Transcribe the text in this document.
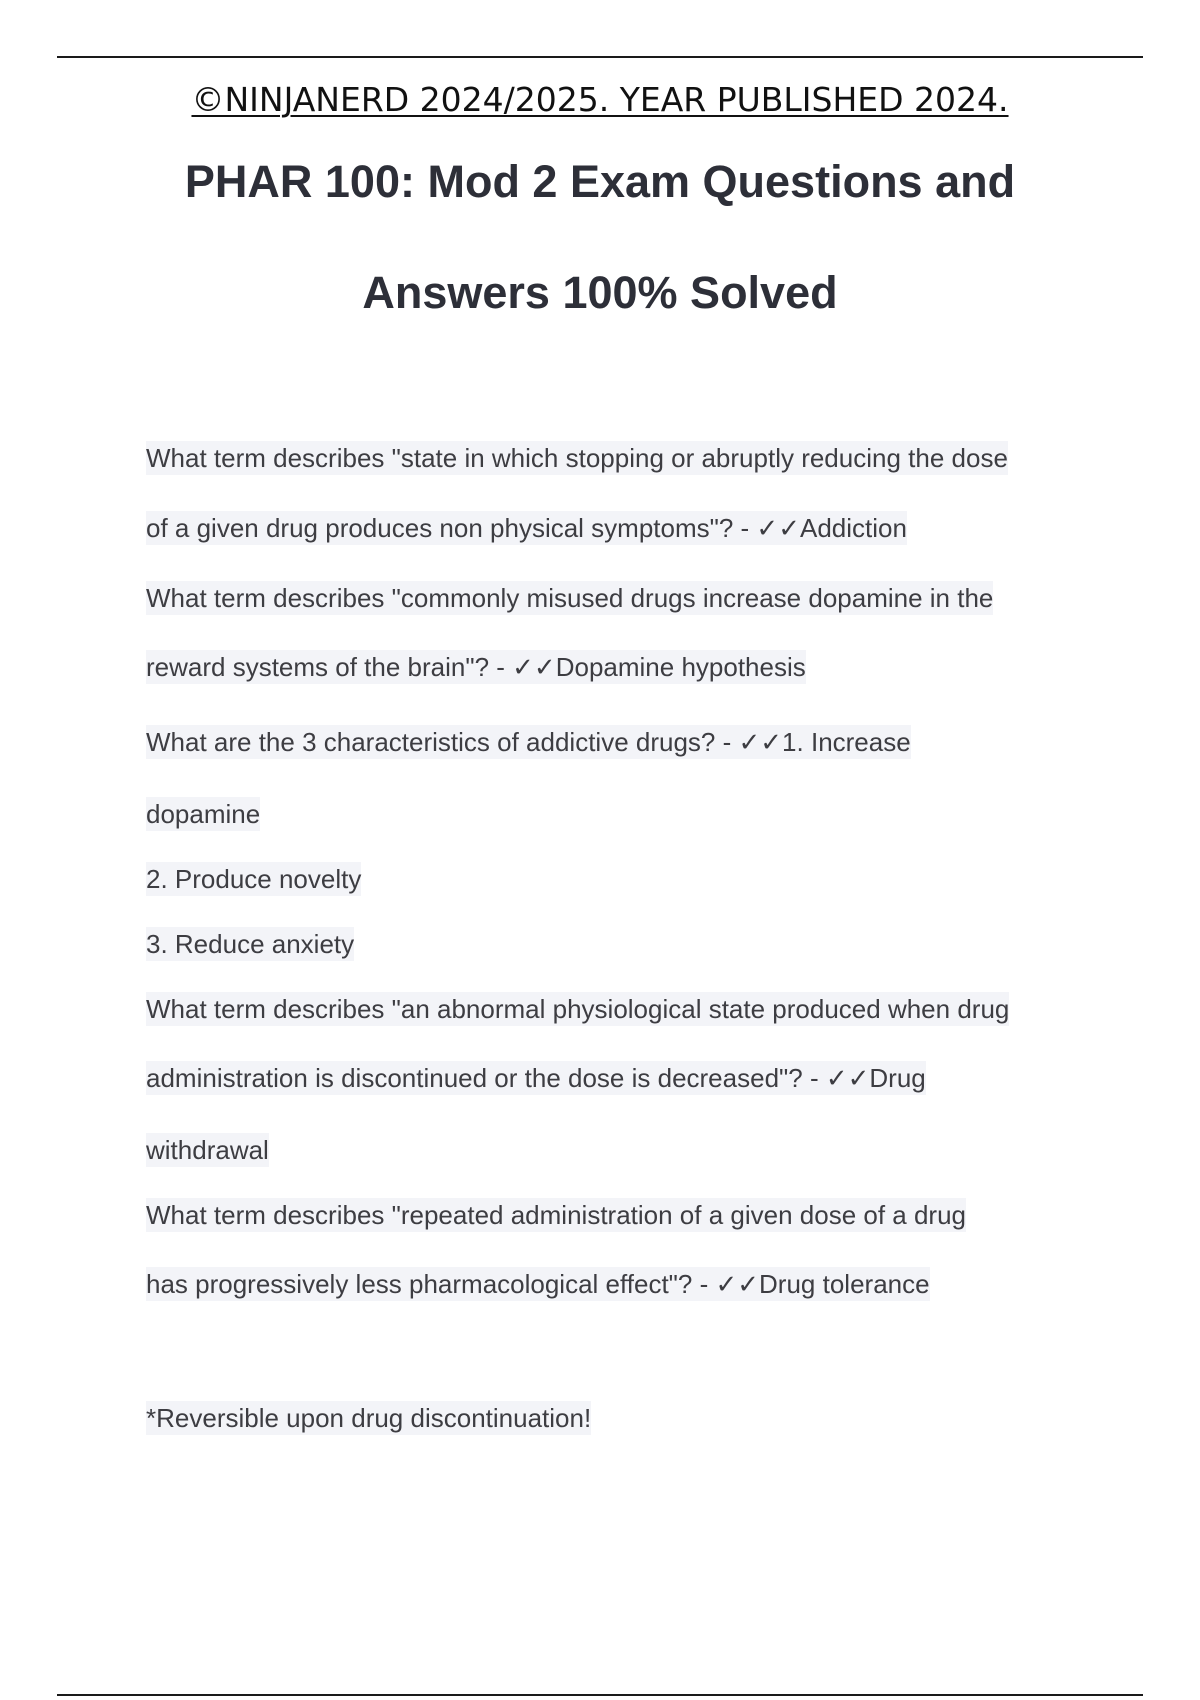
©NINJANERD 2024/2025. YEAR PUBLISHED 2024.
PHAR 100: Mod 2 Exam Questions and
Answers 100% Solved
What term describes "state in which stopping or abruptly reducing the dose
of a given drug produces non physical symptoms"? - ✓✓Addiction
What term describes "commonly misused drugs increase dopamine in the
reward systems of the brain"? - ✓✓Dopamine hypothesis
What are the 3 characteristics of addictive drugs? - ✓✓1. Increase
dopamine
2. Produce novelty
3. Reduce anxiety
What term describes "an abnormal physiological state produced when drug
administration is discontinued or the dose is decreased"? - ✓✓Drug
withdrawal
What term describes "repeated administration of a given dose of a drug
has progressively less pharmacological effect"? - ✓✓Drug tolerance
*Reversible upon drug discontinuation!
